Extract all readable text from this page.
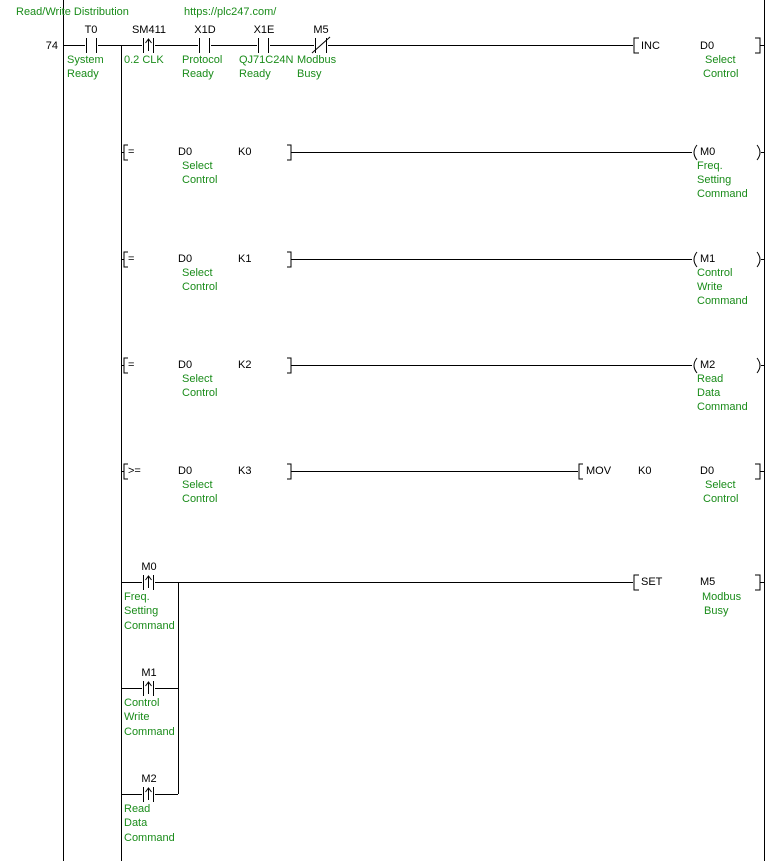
Read/Write Distribution	https://plc247.com/
74
T0
System
Ready
SM411
0.2 CLK
X1D
Protocol
Ready
X1E
QJ71C24N
Ready
M5
Modbus
Busy
INC	D0
Select
Control
=	D0
Select
Control
K0	M0
Freq.
Setting
Command
=	D0
Select
Control
K1	M1
Control
Write
Command
=	D0
Select
Control
K2	M2
Read
Data
Command
>=	D0
Select
Control
K3	MOV K0	D0
Select
Control
M0
Freq.
Setting
Command
M1
Control
Write
Command
M2
Read
Data
Command
SET	M5
Modbus
Busy
